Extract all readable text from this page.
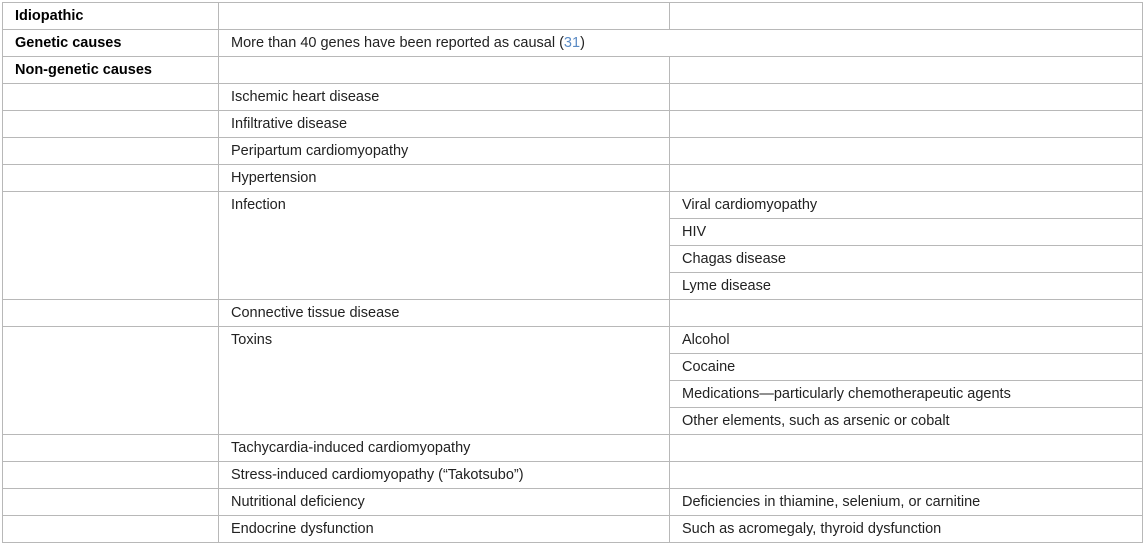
Idiopathic		
Genetic causes	More than 40 genes have been reported as causal (31)	
Non-genetic causes		
	Ischemic heart disease	
	Infiltrative disease	
	Peripartum cardiomyopathy	
	Hypertension	
	Infection	Viral cardiomyopathy
		HIV
		Chagas disease
		Lyme disease
	Connective tissue disease	
	Toxins	Alcohol
		Cocaine
		Medications—particularly chemotherapeutic agents
		Other elements, such as arsenic or cobalt
	Tachycardia-induced cardiomyopathy	
	Stress-induced cardiomyopathy (“Takotsubo”)	
	Nutritional deficiency	Deficiencies in thiamine, selenium, or carnitine
	Endocrine dysfunction	Such as acromegaly, thyroid dysfunction
